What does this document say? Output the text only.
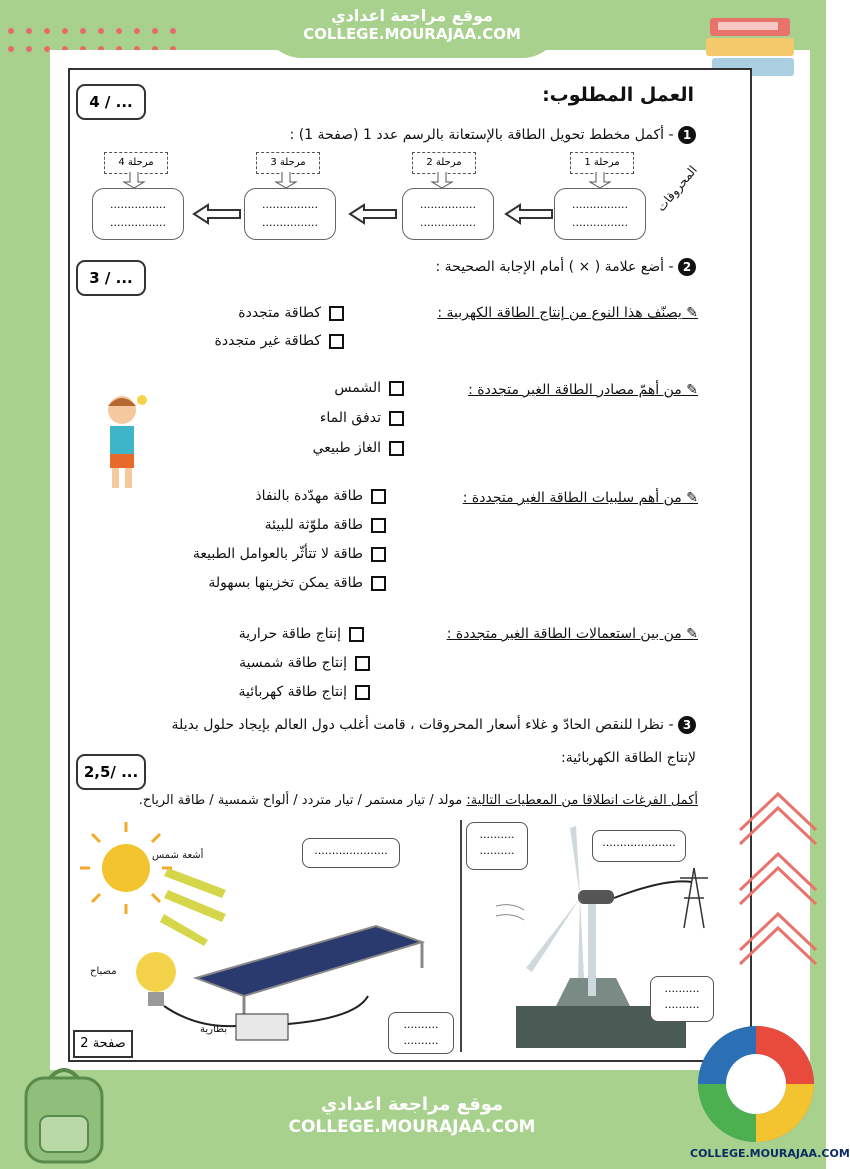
موقع مراجعة اعدادي
COLLEGE.MOURAJAA.COM
العمل المطلوب:
4 / ...
1 - أكمل مخطط تحويل الطاقة بالإستعانة بالرسم عدد 1 (صفحة 1) :
مرحلة 4	مرحلة 3	مرحلة 2	مرحلة 1
................
................
................
................
................
................
................
................
المحروقات
3 / ...
2 - أضع علامة ( × ) أمام الإجابة الصحيحة :
✎ يصنّف هذا النوع من إنتاج الطاقة الكهربية :
كطاقة متجددة
كطاقة غير متجددة
✎ من أهمّ مصادر الطاقة الغير متجددة :
الشمس
تدفق الماء
الغاز طبيعي
✎ من أهم سلبيات الطاقة الغير متجددة :
طاقة مهدّدة بالنفاذ
طاقة ملوّثة للبيئة
طاقة لا تتأثّر بالعوامل الطبيعة
طاقة يمكن تخزينها بسهولة
✎ من بين استعمالات الطاقة الغير متجددة :
إنتاج طاقة حرارية
إنتاج طاقة شمسية
إنتاج طاقة كهربائية
3 - نظرا للنقص الحادّ و غلاء أسعار المحروقات ، قامت أغلب دول العالم بإيجاد حلول بديلة
لإنتاج الطاقة الكهربائية:
2,5/ ...
أكمل الفرغات انطلاقا من المعطيات التالية: مولد / تيار مستمر / تيار متردد / ألواح شمسية / طاقة الرياح.
أشعة شمس
مصباح
بطارية
.....................
..........
..........
..........
..........
.....................
..........
..........
صفحة 2
موقع مراجعة اعدادي
COLLEGE.MOURAJAA.COM
COLLEGE.MOURAJAA.COM
